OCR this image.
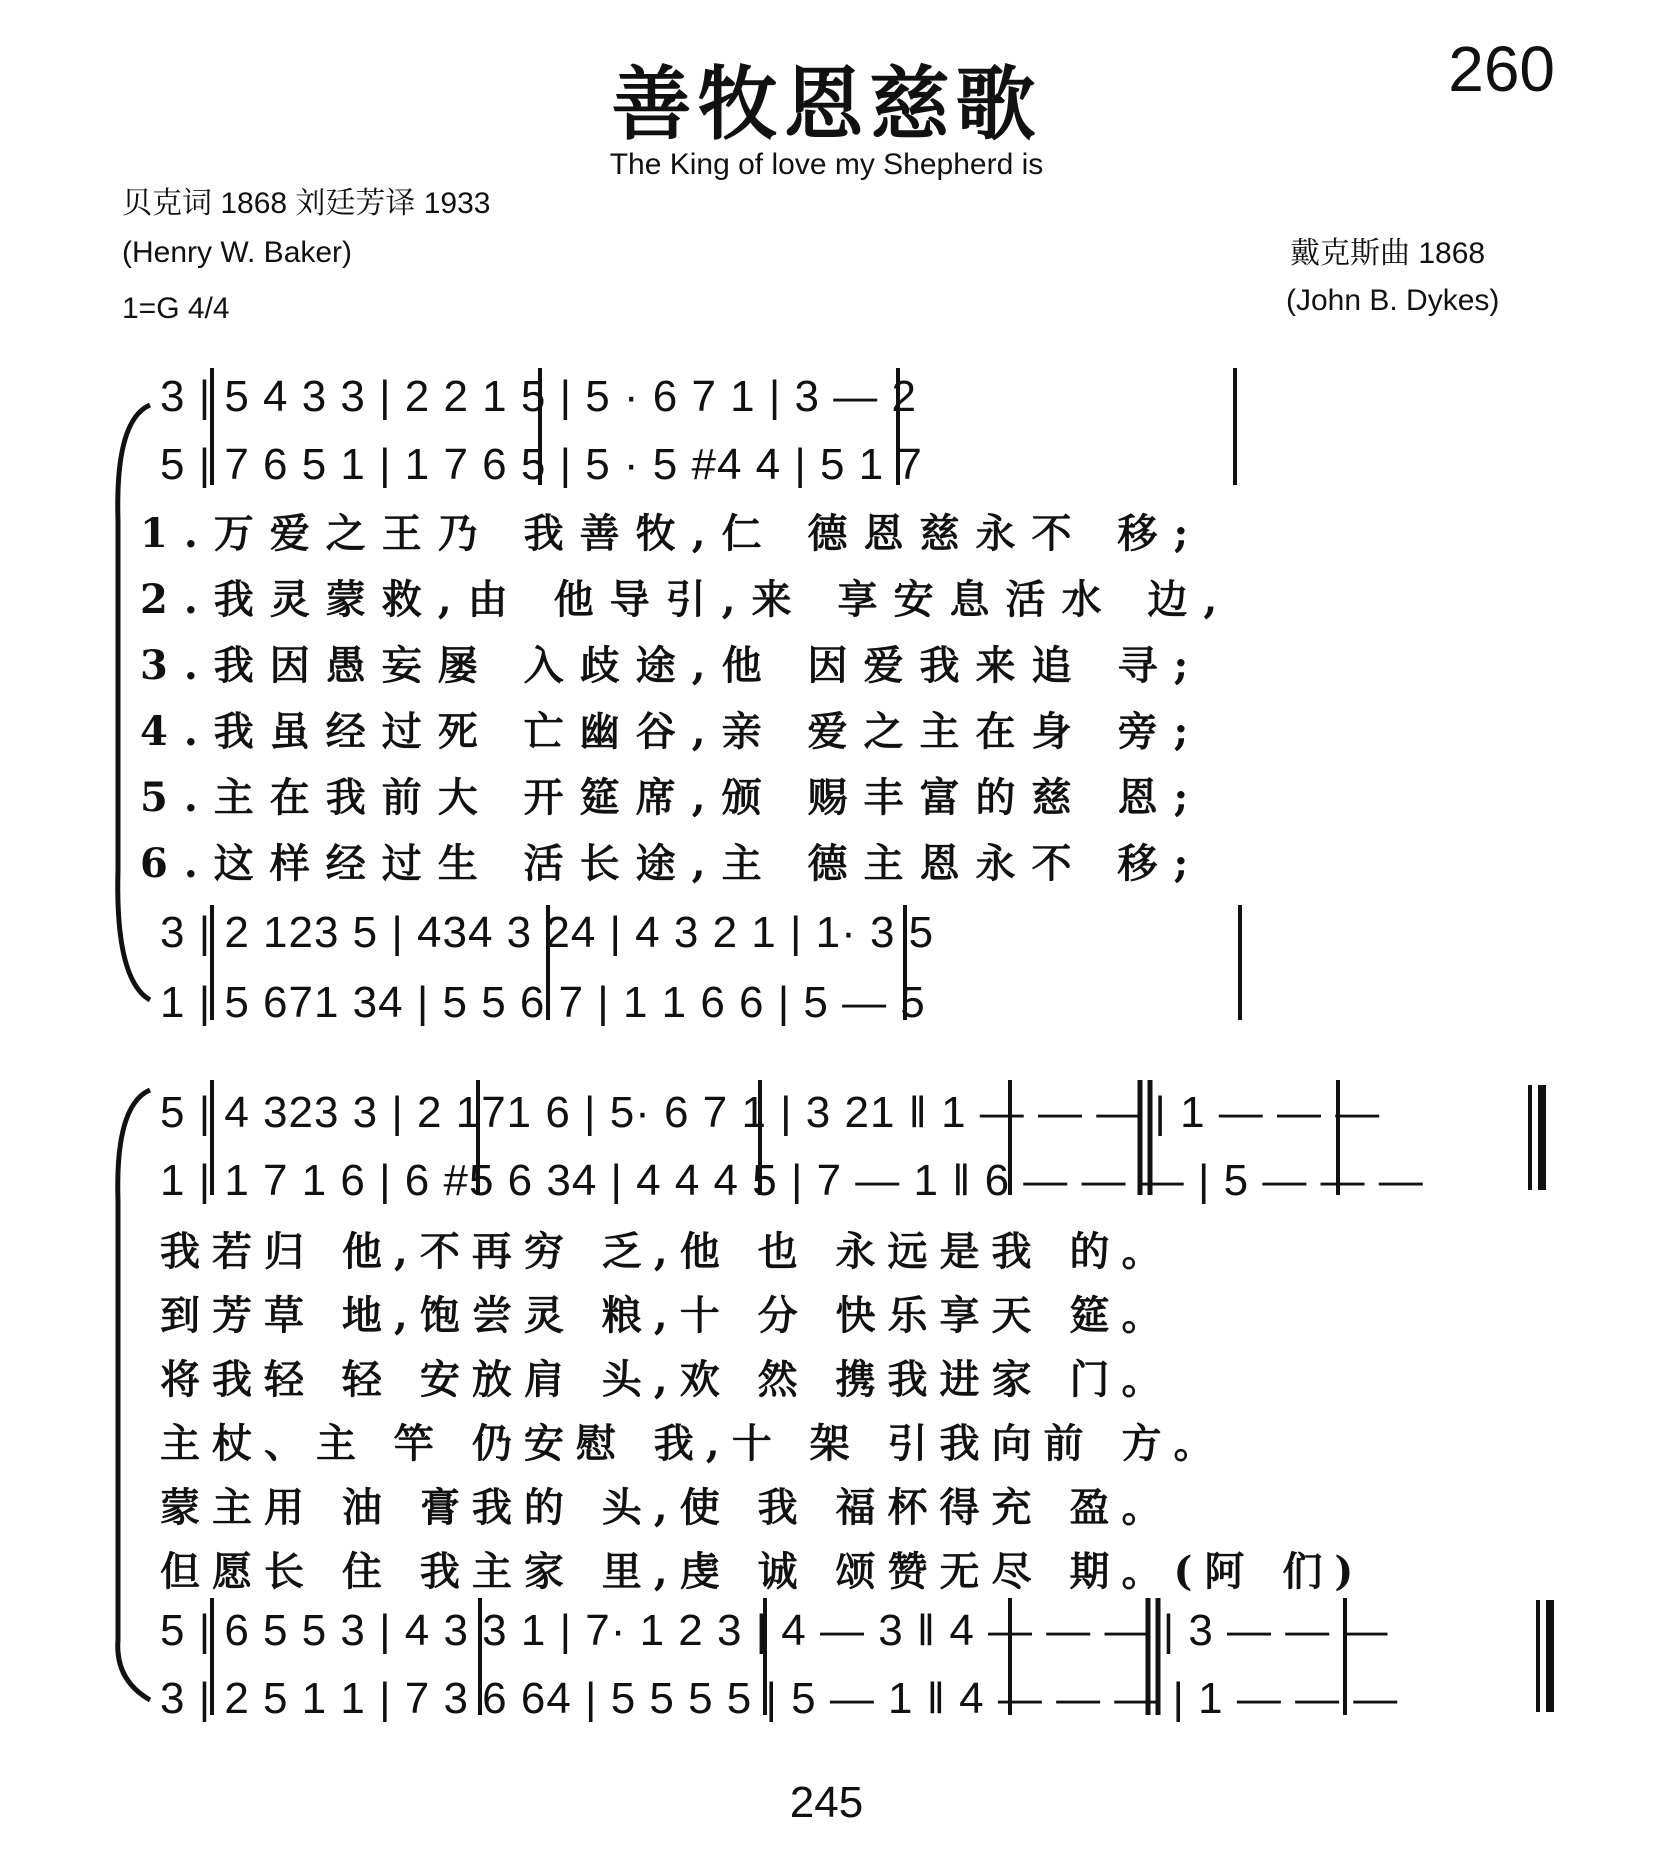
善牧恩慈歌	260
The King of love my Shepherd is
贝克词 1868 刘廷芳译 1933
(Henry W. Baker)
1=G 4/4
戴克斯曲 1868
(John B. Dykes)
3 | 5 4 3 3 | 2 2 1 5 | 5 · 6 7 1 | 3 — 2
5 | 7 6 5 1 | 1 7 6 5 | 5 · 5 #4 4 | 5 1 7
1.万爱之王乃 我善牧,仁 德恩慈永不 移;
2.我灵蒙救,由 他导引,来 享安息活水 边,
3.我因愚妄屡 入歧途,他 因爱我来追 寻;
4.我虽经过死 亡幽谷,亲 爱之主在身 旁;
5.主在我前大 开筵席,颁 赐丰富的慈 恩;
6.这样经过生 活长途,主 德主恩永不 移;
3 | 2 123 5 | 434 3 24 | 4 3 2 1 | 1· 3 5
1 | 5 671 34 | 5 5 6 7 | 1 1 6 6 | 5 — 5
5 | 4 323 3 | 2 171 6 | 5· 6 7 1 | 3 21 ‖ 1 — — — | 1 — — —
1 | 1 7 1 6 | 6 #5 6 34 | 4 4 4 5 | 7 — 1 ‖ 6 — — — | 5 — — —
我若归 他,不再穷 乏,他 也 永远是我 的。
到芳草 地,饱尝灵 粮,十 分 快乐享天 筵。
将我轻 轻 安放肩 头,欢 然 携我进家 门。
主杖、主 竿 仍安慰 我,十 架 引我向前 方。
蒙主用 油 膏我的 头,使 我 福杯得充 盈。
但愿长 住 我主家 里,虔 诚 颂赞无尽 期。(阿 们)
5 | 6 5 5 3 | 4 3 3 1 | 7· 1 2 3 | 4 — 3 ‖ 4 — — — | 3 — — —
3 | 2 5 1 1 | 7 3 6 64 | 5 5 5 5 | 5 — 1 ‖ 4 — — — | 1 — — —
245
